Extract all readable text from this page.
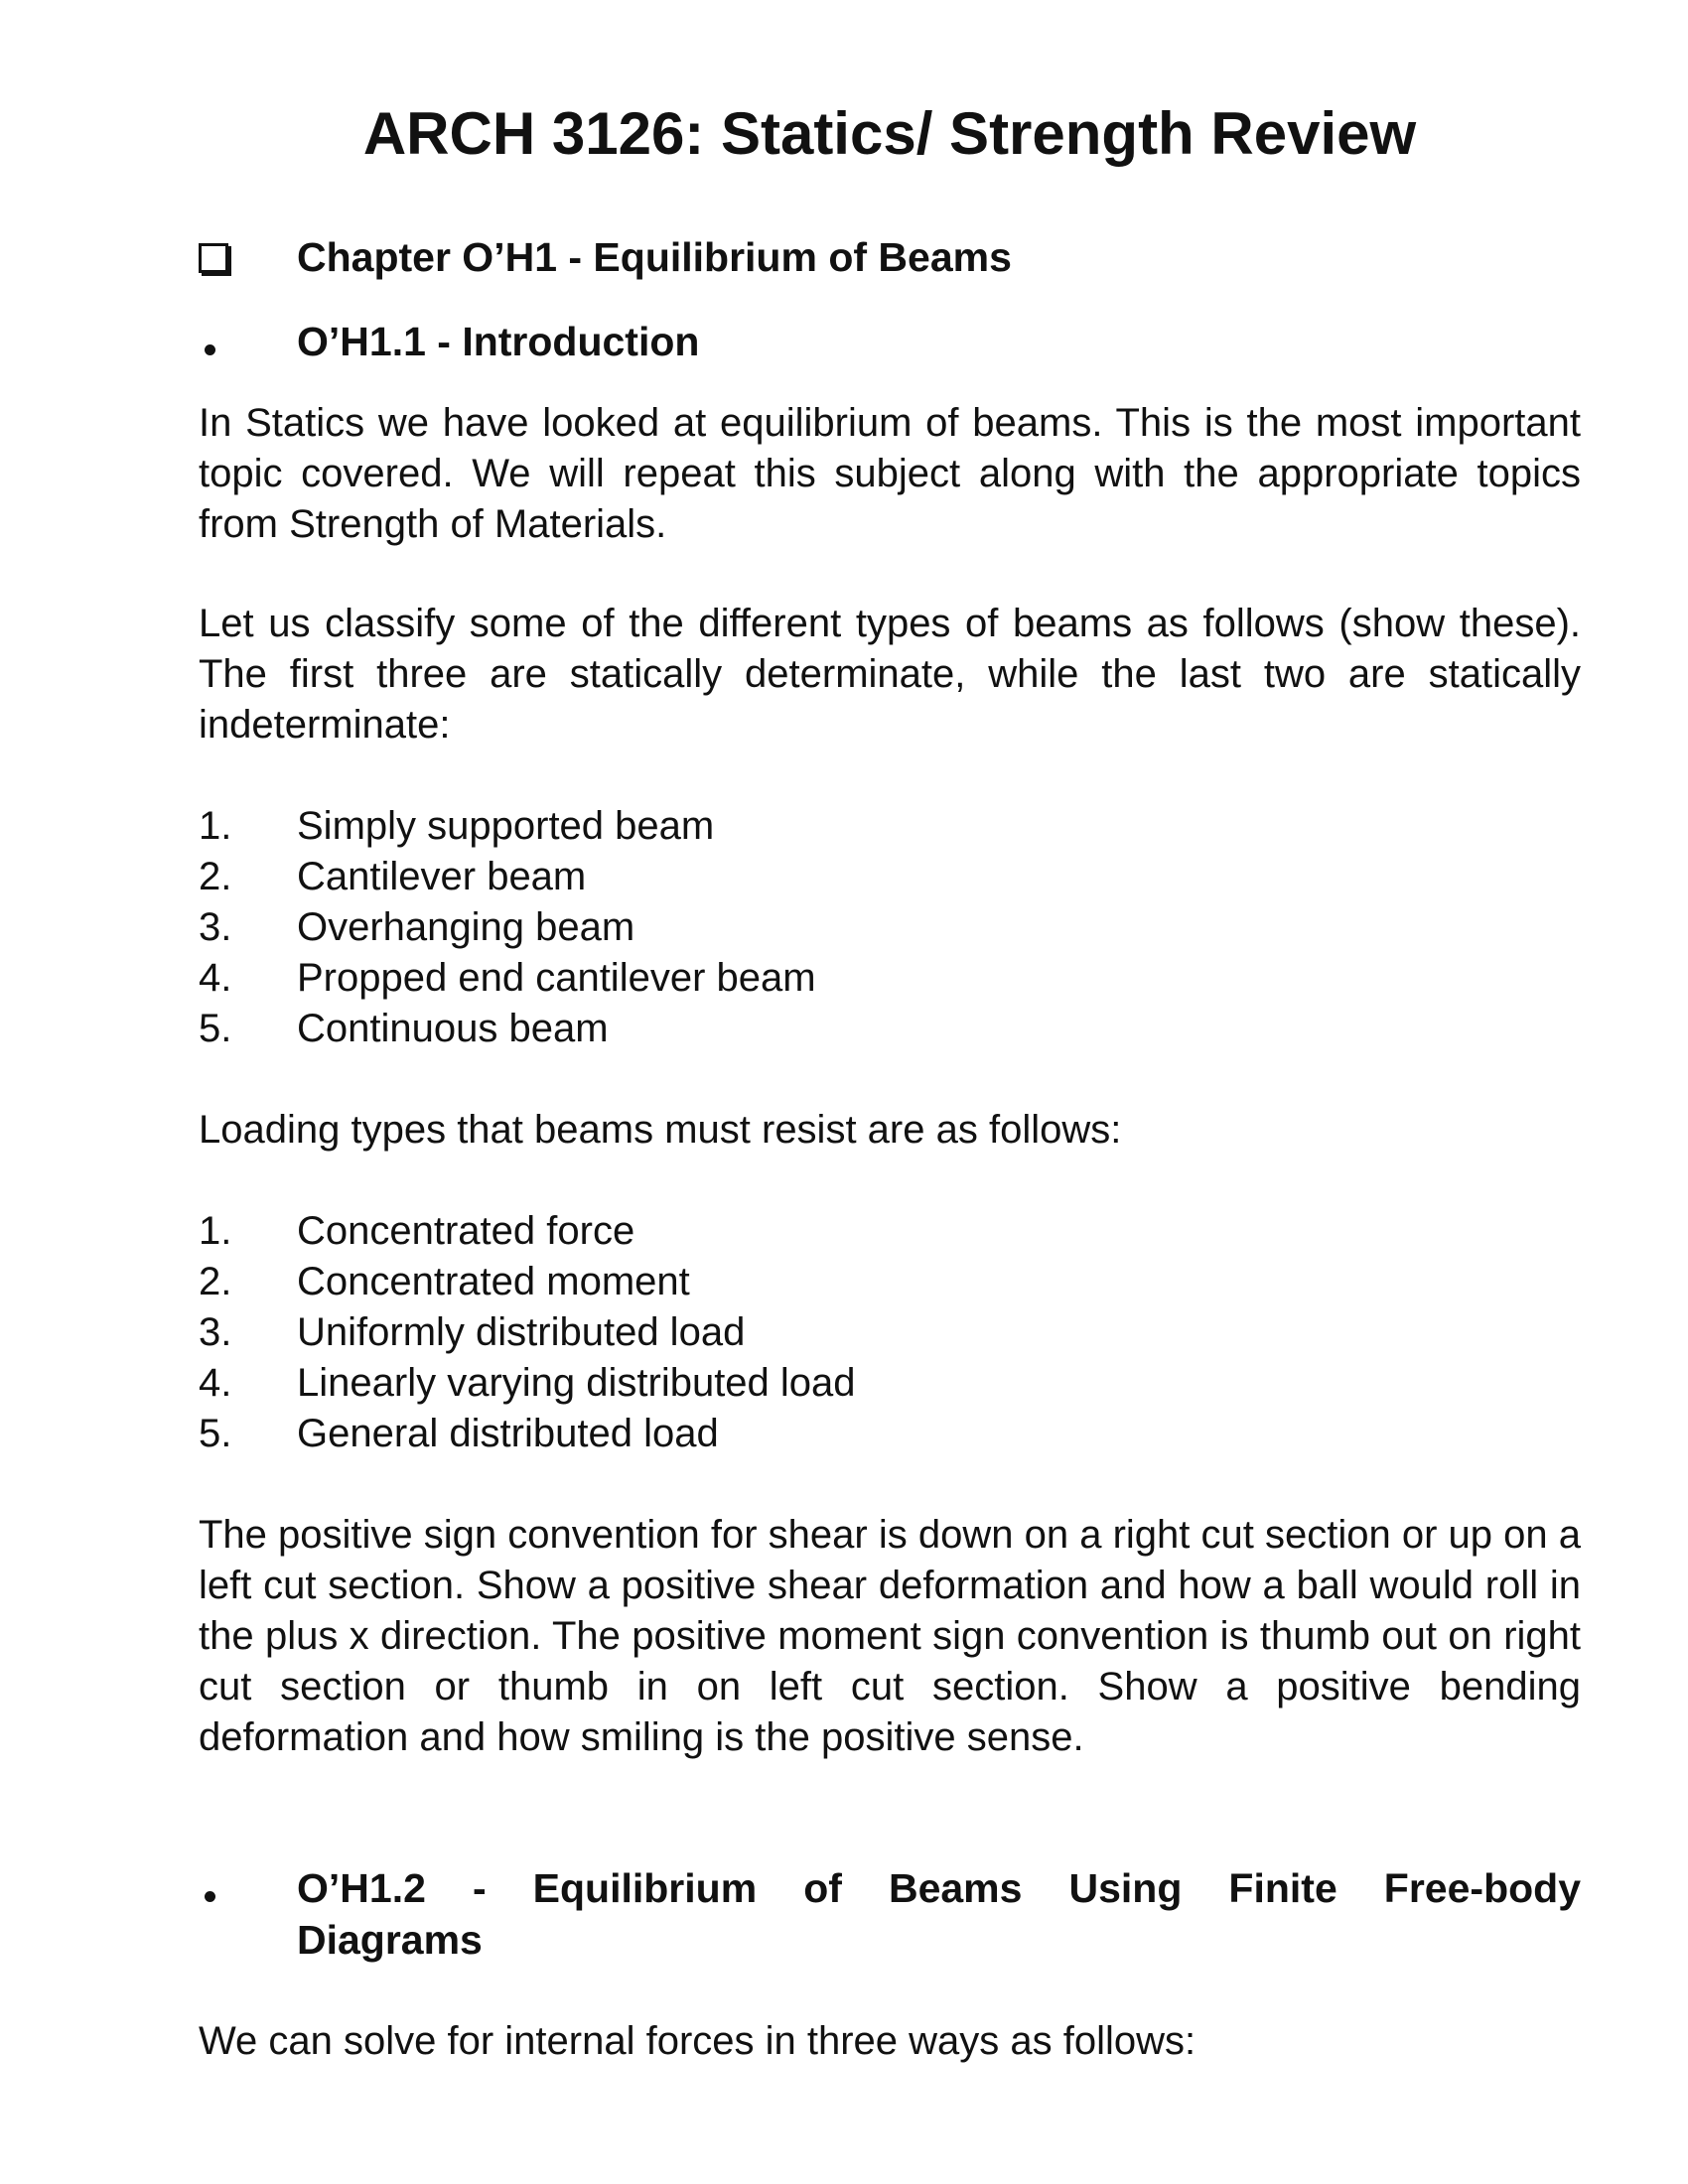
ARCH 3126: Statics/ Strength Review
Chapter O’H1 - Equilibrium of Beams
O’H1.1 - Introduction

In Statics we have looked at equilibrium of beams. This is the most important topic covered. We will repeat this subject along with the appropriate topics from Strength of Materials.

Let us classify some of the different types of beams as follows (show these). The first three are statically determinate, while the last two are statically indeterminate:

1. Simply supported beam
2. Cantilever beam
3. Overhanging beam
4. Propped end cantilever beam
5. Continuous beam

Loading types that beams must resist are as follows:

1. Concentrated force
2. Concentrated moment
3. Uniformly distributed load
4. Linearly varying distributed load
5. General distributed load

The positive sign convention for shear is down on a right cut section or up on a left cut section. Show a positive shear deformation and how a ball would roll in the plus x direction. The positive moment sign convention is thumb out on right cut section or thumb in on left cut section. Show a positive bending deformation and how smiling is the positive sense.

O’H1.2 - Equilibrium of Beams Using Finite Free-body
Diagrams

We can solve for internal forces in three ways as follows:
